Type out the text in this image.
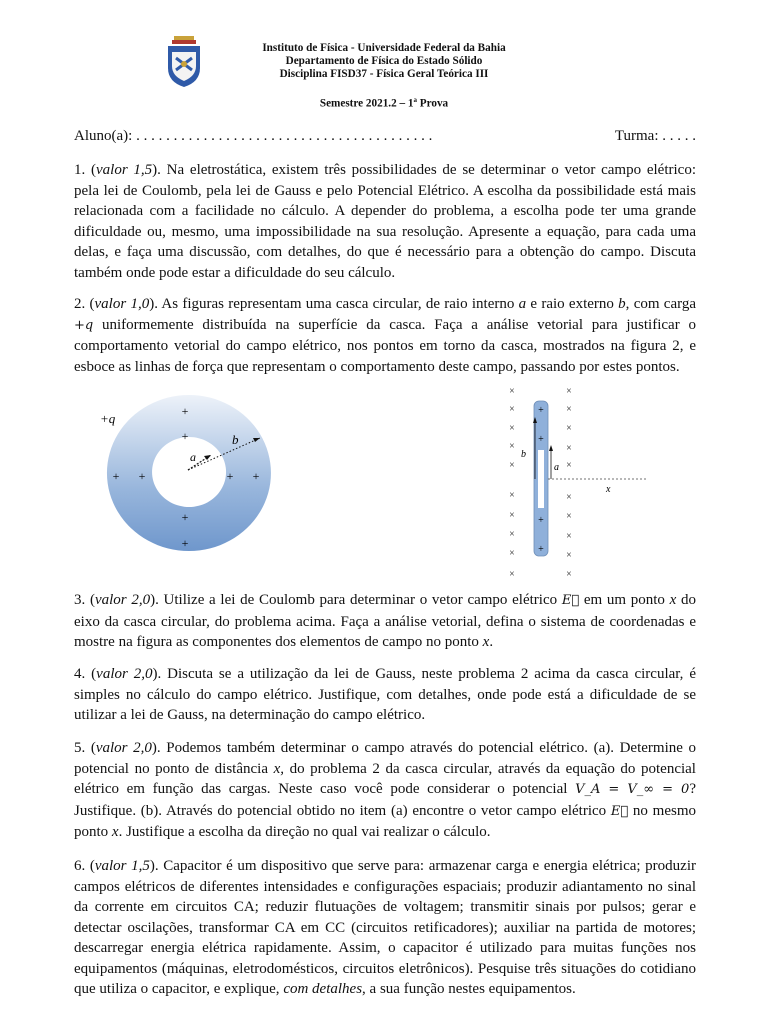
Instituto de Física - Universidade Federal da Bahia
Departamento de Física do Estado Sólido
Disciplina FISD37 - Física Geral Teórica III
Semestre 2021.2 – 1$^a$ Prova
Aluno(a): . . . . . . . . . . . . . . . . . . . . . . . . . . . . . . . . . . . . . . . .	Turma: . . . . .
1. (valor 1,5). Na eletrostática, existem três possibilidades de se determinar o vetor campo elétrico: pela lei de Coulomb, pela lei de Gauss e pelo Potencial Elétrico. A escolha da possibilidade está mais relacionada com a facilidade no cálculo. A depender do problema, a escolha pode ter uma grande dificuldade ou, mesmo, uma impossibilidade na sua resolução. Apresente a equação, para cada uma delas, e faça uma discussão, com detalhes, do que é necessário para a obtenção do campo. Discuta também onde pode estar a dificuldade do seu cálculo.
2. (valor 1,0). As figuras representam uma casca circular, de raio interno a e raio externo b, com carga +q uniformemente distribuída na superfície da casca. Faça a análise vetorial para justificar o comportamento vetorial do campo elétrico, nos pontos em torno da casca, mostrados na figura 2, e esboce as linhas de força que representam o comportamento deste campo, passando por estes pontos.
+q	+
+
+ +	+ +
+
+
a
b
b
a
x
+
+
+
+
×
×
×
×
×
×
×
×
×
×
×
×
×
×
×
×
×
×
×
×
3. (valor 2,0). Utilize a lei de Coulomb para determinar o vetor campo elétrico E⃗ em um ponto x do eixo da casca circular, do problema acima. Faça a análise vetorial, defina o sistema de coordenadas e mostre na figura as componentes dos elementos de campo no ponto x.
4. (valor 2,0). Discuta se a utilização da lei de Gauss, neste problema 2 acima da casca circular, é simples no cálculo do campo elétrico. Justifique, com detalhes, onde pode está a dificuldade de se utilizar a lei de Gauss, na determinação do campo elétrico.
5. (valor 2,0). Podemos também determinar o campo através do potencial elétrico. (a). Determine o potencial no ponto de distância x, do problema 2 da casca circular, através da equação do potencial elétrico em função das cargas. Neste caso você pode considerar o potencial V_A = V_∞ = 0? Justifique. (b). Através do potencial obtido no item (a) encontre o vetor campo elétrico E⃗ no mesmo ponto x. Justifique a escolha da direção no qual vai realizar o cálculo.
6. (valor 1,5). Capacitor é um dispositivo que serve para: armazenar carga e energia elétrica; produzir campos elétricos de diferentes intensidades e configurações espaciais; produzir adiantamento no sinal da corrente em circuitos CA; reduzir flutuações de voltagem; transmitir sinais por pulsos; gerar e detectar oscilações, transformar CA em CC (circuitos retificadores); auxiliar na partida de motores; descarregar energia elétrica rapidamente. Assim, o capacitor é utilizado para muitas funções nos equipamentos (máquinas, eletrodomésticos, circuitos eletrônicos). Pesquise três situações do cotidiano que utiliza o capacitor, e explique, com detalhes, a sua função nestes equipamentos.
